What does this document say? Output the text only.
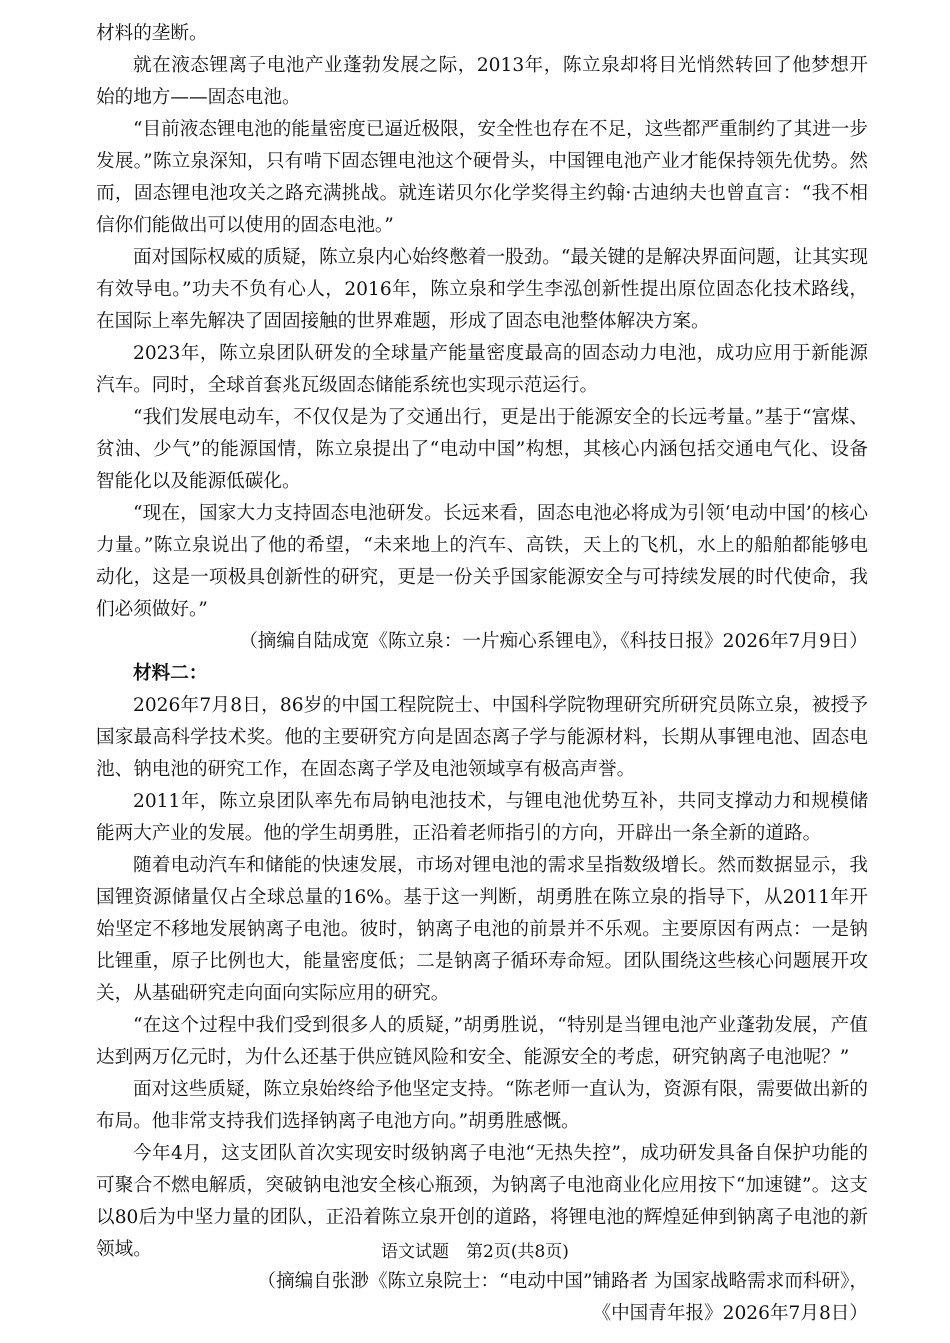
材料的垄断。

就在液态锂离子电池产业蓬勃发展之际，2013年，陈立泉却将目光悄然转回了他梦想开始的地方——固态电池。

“目前液态锂电池的能量密度已逼近极限，安全性也存在不足，这些都严重制约了其进一步发展。”陈立泉深知，只有啃下固态锂电池这个硬骨头，中国锂电池产业才能保持领先优势。然而，固态锂电池攻关之路充满挑战。就连诺贝尔化学奖得主约翰·古迪纳夫也曾直言：“我不相信你们能做出可以使用的固态电池。”

面对国际权威的质疑，陈立泉内心始终憋着一股劲。“最关键的是解决界面问题，让其实现有效导电。”功夫不负有心人，2016年，陈立泉和学生李泓创新性提出原位固态化技术路线，在国际上率先解决了固固接触的世界难题，形成了固态电池整体解决方案。

2023年，陈立泉团队研发的全球量产能量密度最高的固态动力电池，成功应用于新能源汽车。同时，全球首套兆瓦级固态储能系统也实现示范运行。

“我们发展电动车，不仅仅是为了交通出行，更是出于能源安全的长远考量。”基于“富煤、贫油、少气”的能源国情，陈立泉提出了“电动中国”构想，其核心内涵包括交通电气化、设备智能化以及能源低碳化。

“现在，国家大力支持固态电池研发。长远来看，固态电池必将成为引领‘电动中国’的核心力量。”陈立泉说出了他的希望，“未来地上的汽车、高铁，天上的飞机，水上的船舶都能够电动化，这是一项极具创新性的研究，更是一份关乎国家能源安全与可持续发展的时代使命，我们必须做好。”

（摘编自陆成宽《陈立泉：一片痴心系锂电》，《科技日报》2026年7月9日）

材料二：

2026年7月8日，86岁的中国工程院院士、中国科学院物理研究所研究员陈立泉，被授予国家最高科学技术奖。他的主要研究方向是固态离子学与能源材料，长期从事锂电池、固态电池、钠电池的研究工作，在固态离子学及电池领域享有极高声誉。

2011年，陈立泉团队率先布局钠电池技术，与锂电池优势互补，共同支撑动力和规模储能两大产业的发展。他的学生胡勇胜，正沿着老师指引的方向，开辟出一条全新的道路。

随着电动汽车和储能的快速发展，市场对锂电池的需求呈指数级增长。然而数据显示，我国锂资源储量仅占全球总量的16%。基于这一判断，胡勇胜在陈立泉的指导下，从2011年开始坚定不移地发展钠离子电池。彼时，钠离子电池的前景并不乐观。主要原因有两点：一是钠比锂重，原子比例也大，能量密度低；二是钠离子循环寿命短。团队围绕这些核心问题展开攻关，从基础研究走向面向实际应用的研究。

“在这个过程中我们受到很多人的质疑，”胡勇胜说，“特别是当锂电池产业蓬勃发展，产值达到两万亿元时，为什么还基于供应链风险和安全、能源安全的考虑，研究钠离子电池呢？”

面对这些质疑，陈立泉始终给予他坚定支持。“陈老师一直认为，资源有限，需要做出新的布局。他非常支持我们选择钠离子电池方向。”胡勇胜感慨。

今年4月，这支团队首次实现安时级钠离子电池“无热失控”，成功研发具备自保护功能的可聚合不燃电解质，突破钠电池安全核心瓶颈，为钠离子电池商业化应用按下“加速键”。这支以80后为中坚力量的团队，正沿着陈立泉开创的道路，将锂电池的辉煌延伸到钠离子电池的新领域。

（摘编自张渺《陈立泉院士：“电动中国”铺路者 为国家战略需求而科研》，

《中国青年报》2026年7月8日）

语文试题　第2页(共8页)
